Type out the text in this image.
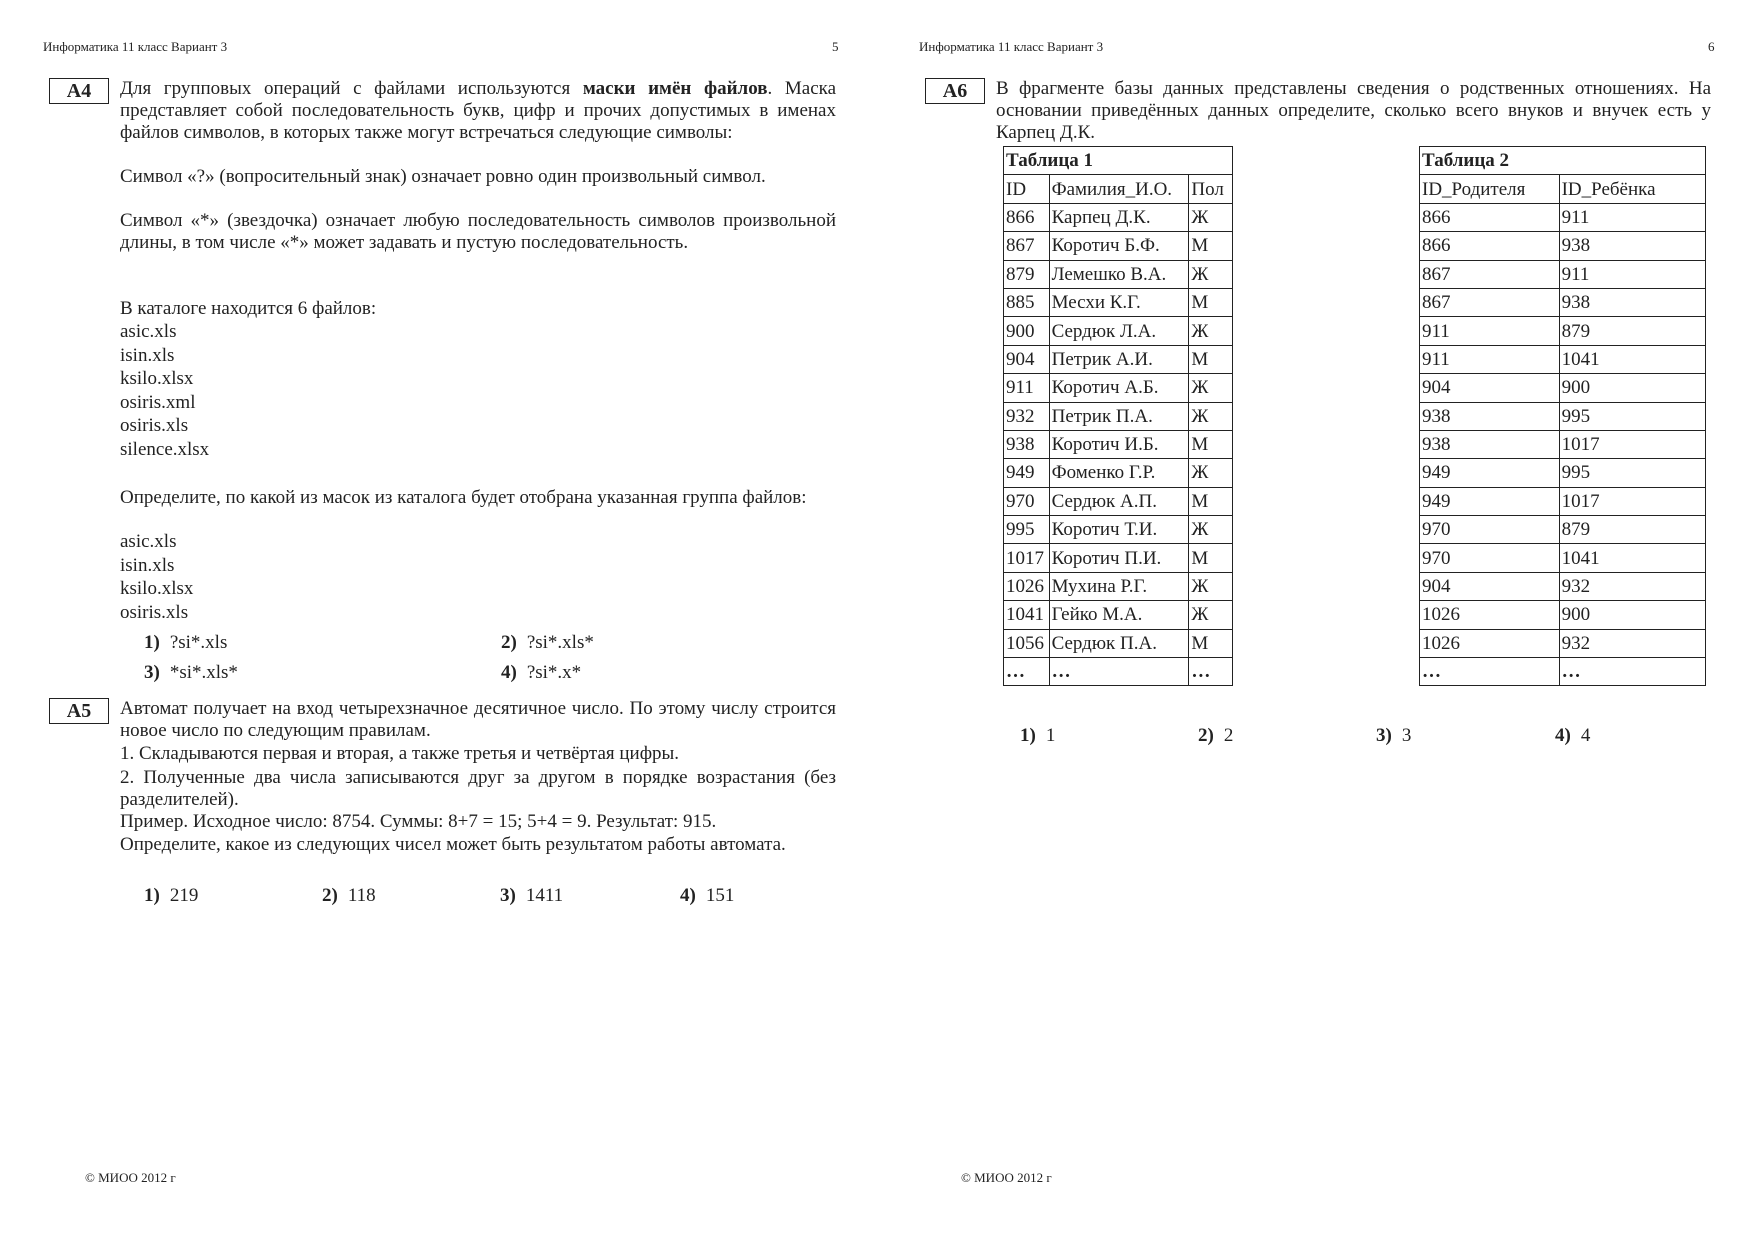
Информатика 11 класс Вариант 3	5
A4	Для групповых операций с файлами используются маски имён файлов. Маска представляет собой последовательность букв, цифр и прочих допустимых в именах файлов символов, в которых также могут встречаться следующие символы:
Символ «?» (вопросительный знак) означает ровно один произвольный символ.
Символ «*» (звездочка) означает любую последовательность символов произвольной длины, в том числе «*» может задавать и пустую последовательность.
В каталоге находится 6 файлов:
asic.xls
isin.xls
ksilo.xlsx
osiris.xml
osiris.xls
silence.xlsx
Определите, по какой из масок из каталога будет отобрана указанная группа файлов:
asic.xls
isin.xls
ksilo.xlsx
osiris.xls
1) ?si*.xls	2) ?si*.xls*
3) *si*.xls*	4) ?si*.x*
A5	Автомат получает на вход четырехзначное десятичное число. По этому числу строится новое число по следующим правилам.
1. Складываются первая и вторая, а также третья и четвёртая цифры.
2. Полученные два числа записываются друг за другом в порядке возрастания (без разделителей).
Пример. Исходное число: 8754. Суммы: 8+7 = 15; 5+4 = 9. Результат: 915.
Определите, какое из следующих чисел может быть результатом работы автомата.
1) 219	2) 118	3) 1411	4) 151
© МИОО 2012 г
Информатика 11 класс Вариант 3	6
A6	В фрагменте базы данных представлены сведения о родственных отношениях. На основании приведённых данных определите, сколько всего внуков и внучек есть у Карпец Д.К.
Таблица 1		
ID	Фамилия_И.О.	Пол
866	Карпец Д.К.	Ж
867	Коротич Б.Ф.	М
879	Лемешко В.А.	Ж
885	Месхи К.Г.	М
900	Сердюк Л.А.	Ж
904	Петрик А.И.	М
911	Коротич А.Б.	Ж
932	Петрик П.А.	Ж
938	Коротич И.Б.	М
949	Фоменко Г.Р.	Ж
970	Сердюк А.П.	М
995	Коротич Т.И.	Ж
1017	Коротич П.И.	М
1026	Мухина Р.Г.	Ж
1041	Гейко М.А.	Ж
1056	Сердюк П.А.	М
…	…	…
Таблица 2	
ID_Родителя	ID_Ребёнка
866	911
866	938
867	911
867	938
911	879
911	1041
904	900
938	995
938	1017
949	995
949	1017
970	879
970	1041
904	932
1026	900
1026	932
…	…
1) 1	2) 2	3) 3	4) 4
© МИОО 2012 г
